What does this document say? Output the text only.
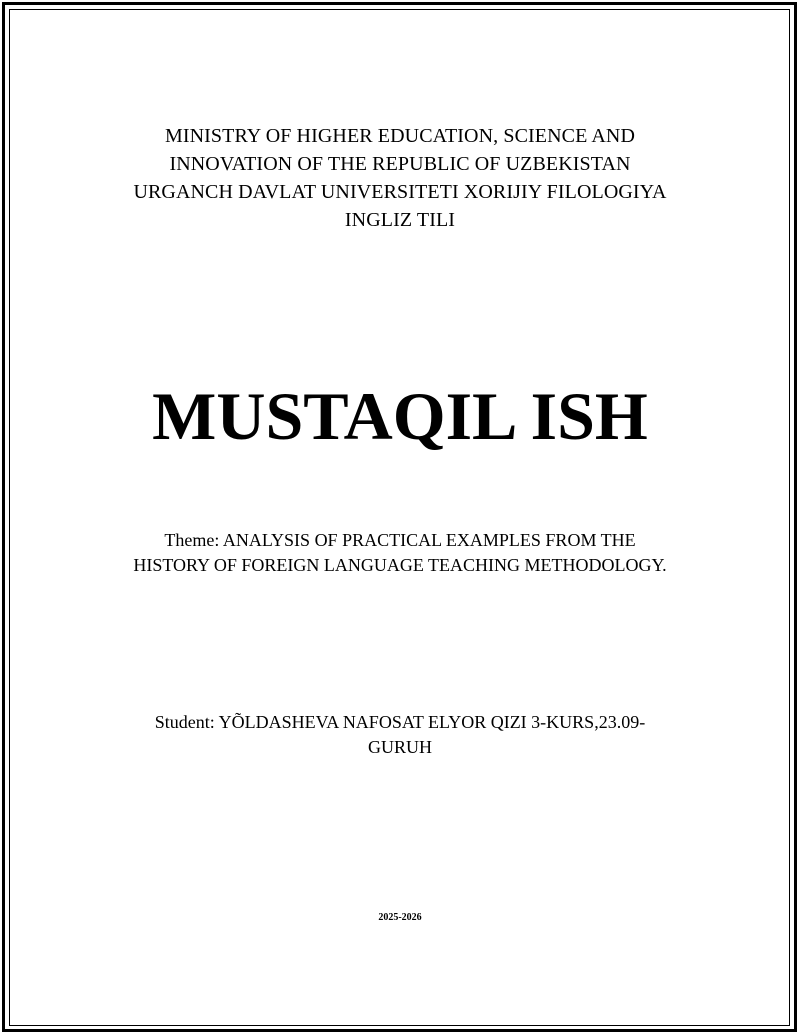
MINISTRY OF HIGHER EDUCATION, SCIENCE AND
INNOVATION OF THE REPUBLIC OF UZBEKISTAN
URGANCH DAVLAT UNIVERSITETI XORIJIY FILOLOGIYA
INGLIZ TILI
MUSTAQIL ISH
Theme: ANALYSIS OF PRACTICAL EXAMPLES FROM THE
HISTORY OF FOREIGN LANGUAGE TEACHING METHODOLOGY.
Student: YÕLDASHEVA NAFOSAT ELYOR QIZI 3-KURS,23.09-
GURUH
2025-2026
